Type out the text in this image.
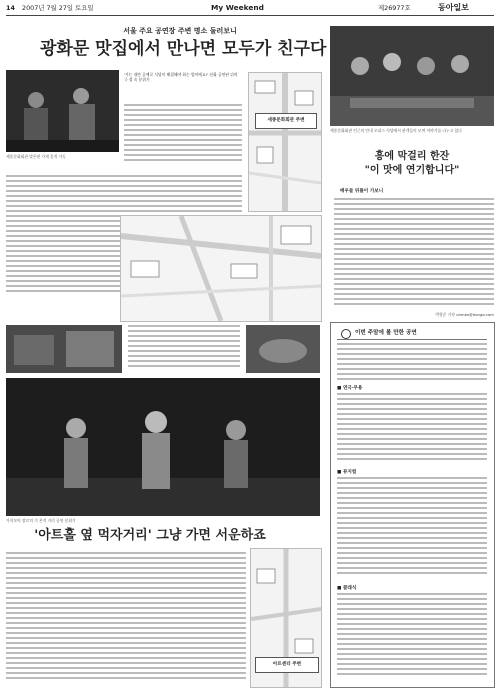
14 2007년 7월 27일 토요일	My Weekend	제26977호	동아일보
서울 주요 공연장 주변 명소 둘러보니
광화문 맛집에서 만나면 모두가 친구다
세종문화회관 맞은편 가게 흔적 가득
'가는 내란 공예로 식당이 해결해야 하는 법이에요!' 선화 공연된 뒤의 극 장 속 분위기
세종문화회관 주변
가지모어 장르의 기 본적 거리 공연 분위기
'아트홀 옆 먹자거리' 그냥 가면 서운하죠
아트센터 주변
세종문화회관 인근의 안내 오피스 식당에서 관객들이 모여 이야기를 나누고 있다
흥에 막걸리 한잔
"이 맛에 연기합니다"
배우들 뒤풀이 가보니
박형준 기자 uhmko@donga.com
이번 주말에 볼 만한 공연
■ 연극·무용
■ 뮤지컬
■ 클래식
